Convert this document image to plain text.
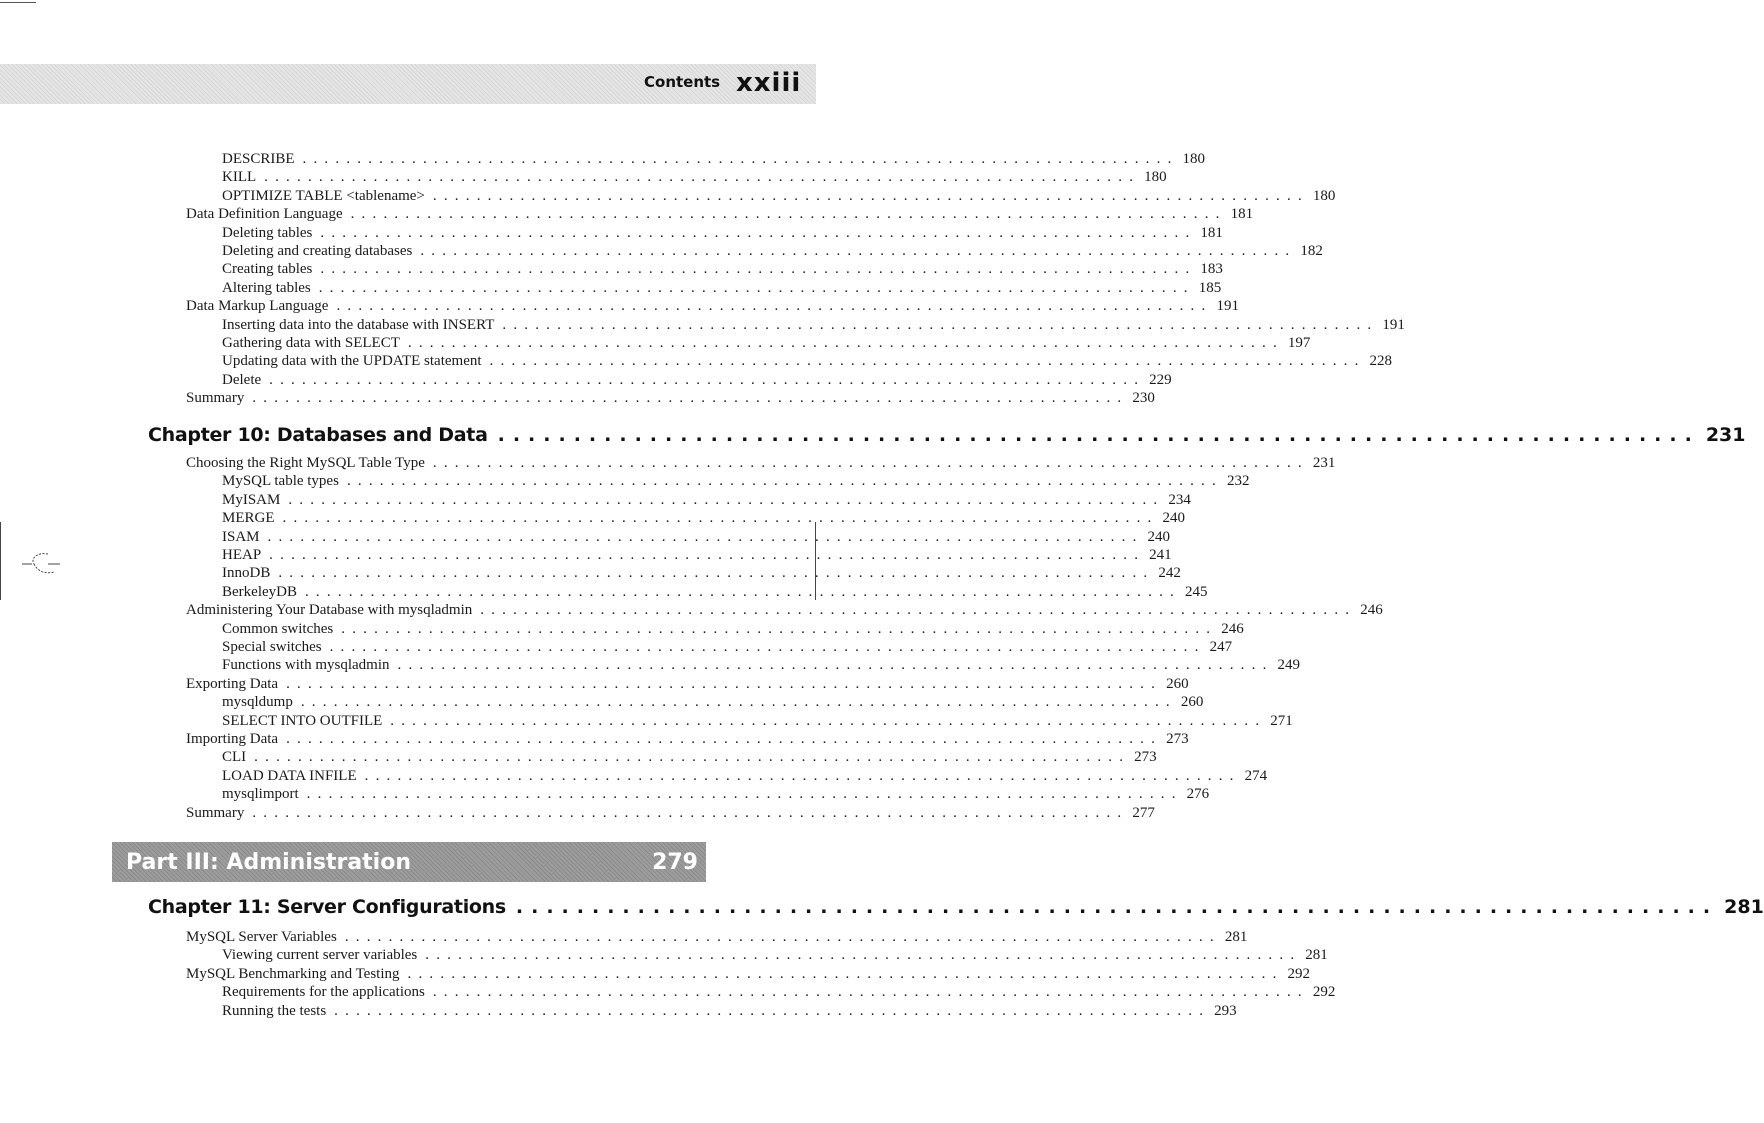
Contents xxiii
DESCRIBE ................................................................................ 180
KILL ................................................................................ 180
OPTIMIZE TABLE <tablename> ................................................................................ 180
Data Definition Language ................................................................................ 181
Deleting tables ................................................................................ 181
Deleting and creating databases ................................................................................ 182
Creating tables ................................................................................ 183
Altering tables ................................................................................ 185
Data Markup Language ................................................................................ 191
Inserting data into the database with INSERT ................................................................................ 191
Gathering data with SELECT ................................................................................ 197
Updating data with the UPDATE statement ................................................................................ 228
Delete ................................................................................ 229
Summary ................................................................................ 230
Chapter 10: Databases and Data ............................................................................... 231
Choosing the Right MySQL Table Type ................................................................................ 231
MySQL table types ................................................................................ 232
MyISAM ................................................................................ 234
MERGE ................................................................................ 240
ISAM ................................................................................ 240
HEAP ................................................................................ 241
InnoDB ................................................................................ 242
BerkeleyDB ................................................................................ 245
Administering Your Database with mysqladmin ................................................................................ 246
Common switches ................................................................................ 246
Special switches ................................................................................ 247
Functions with mysqladmin ................................................................................ 249
Exporting Data ................................................................................ 260
mysqldump ................................................................................ 260
SELECT INTO OUTFILE ................................................................................ 271
Importing Data ................................................................................ 273
CLI ................................................................................ 273
LOAD DATA INFILE ................................................................................ 274
mysqlimport ................................................................................ 276
Summary ................................................................................ 277
Part III: Administration	279
Chapter 11: Server Configurations ............................................................................... 281
MySQL Server Variables ................................................................................ 281
Viewing current server variables ................................................................................ 281
MySQL Benchmarking and Testing ................................................................................ 292
Requirements for the applications ................................................................................ 292
Running the tests ................................................................................ 293
